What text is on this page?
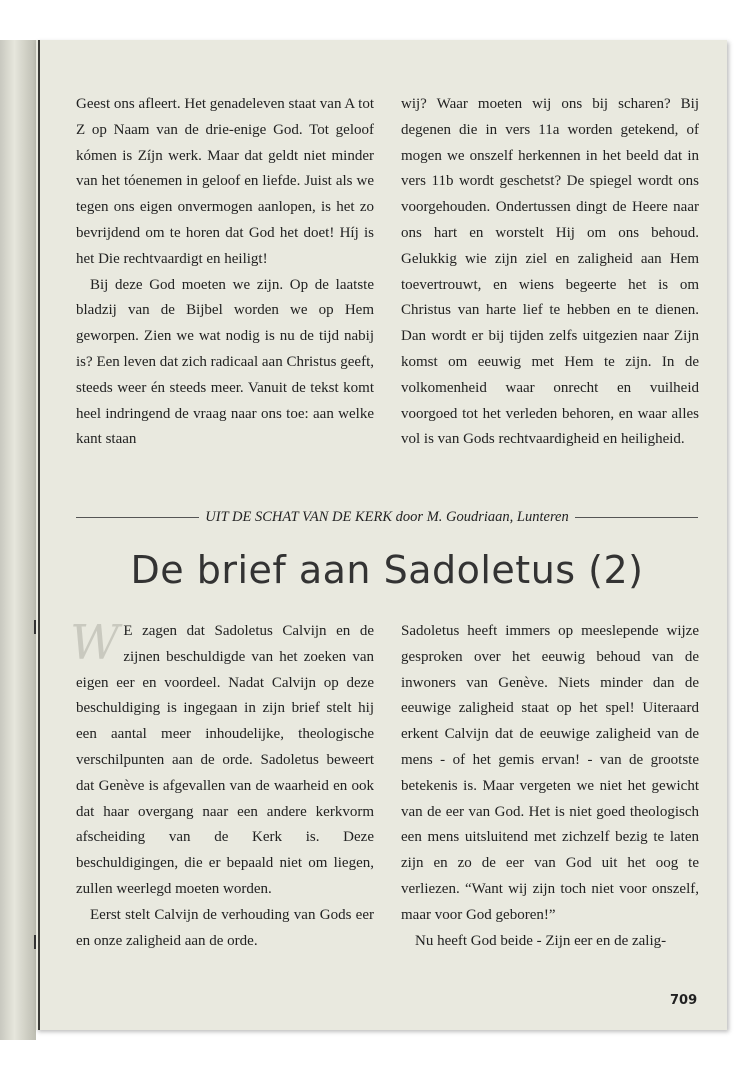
Geest ons afleert. Het genadeleven staat van A tot Z op Naam van de drie-enige God. Tot geloof kómen is Zíjn werk. Maar dat geldt niet minder van het tóenemen in geloof en liefde. Juist als we tegen ons eigen onvermogen aanlopen, is het zo bevrijdend om te horen dat God het doet! Híj is het Die rechtvaardigt en heiligt!

Bij deze God moeten we zijn. Op de laatste bladzij van de Bijbel worden we op Hem geworpen. Zien we wat nodig is nu de tijd nabij is? Een leven dat zich radicaal aan Christus geeft, steeds weer én steeds meer. Vanuit de tekst komt heel indringend de vraag naar ons toe: aan welke kant staan

wij? Waar moeten wij ons bij scharen? Bij degenen die in vers 11a worden getekend, of mogen we onszelf herkennen in het beeld dat in vers 11b wordt geschetst? De spiegel wordt ons voorgehouden. Ondertussen dingt de Heere naar ons hart en worstelt Hij om ons behoud. Gelukkig wie zijn ziel en zaligheid aan Hem toevertrouwt, en wiens begeerte het is om Christus van harte lief te hebben en te dienen. Dan wordt er bij tijden zelfs uitgezien naar Zijn komst om eeuwig met Hem te zijn. In de volkomenheid waar onrecht en vuilheid voorgoed tot het verleden behoren, en waar alles vol is van Gods rechtvaardigheid en heiligheid.

UIT DE SCHAT VAN DE KERK door M. Goudriaan, Lunteren
De brief aan Sadoletus (2)

W E zagen dat Sadoletus Calvijn en de zijnen beschuldigde van het zoeken van eigen eer en voordeel. Nadat Calvijn op deze beschuldiging is ingegaan in zijn brief stelt hij een aantal meer inhoudelijke, theologische verschilpunten aan de orde. Sadoletus beweert dat Genève is afgevallen van de waarheid en ook dat haar overgang naar een andere kerkvorm afscheiding van de Kerk is. Deze beschuldigingen, die er bepaald niet om liegen, zullen weerlegd moeten worden.

Eerst stelt Calvijn de verhouding van Gods eer en onze zaligheid aan de orde.

Sadoletus heeft immers op meeslepende wijze gesproken over het eeuwig behoud van de inwoners van Genève. Niets minder dan de eeuwige zaligheid staat op het spel! Uiteraard erkent Calvijn dat de eeuwige zaligheid van de mens - of het gemis ervan! - van de grootste betekenis is. Maar vergeten we niet het gewicht van de eer van God. Het is niet goed theologisch een mens uitsluitend met zichzelf bezig te laten zijn en zo de eer van God uit het oog te verliezen. “Want wij zijn toch niet voor onszelf, maar voor God geboren!”

Nu heeft God beide - Zijn eer en de zalig-

709
